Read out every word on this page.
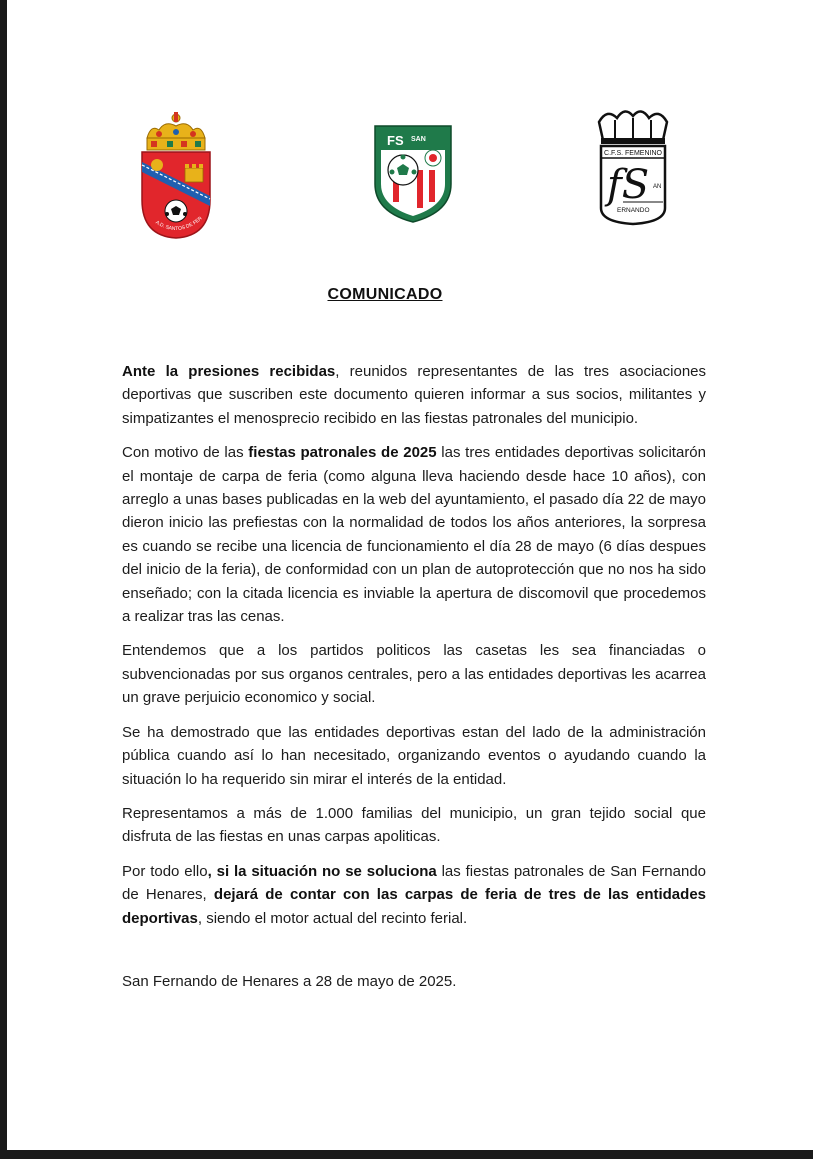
A.D. SANTOS DE FER
FS SAN
C.F.S. FEMENINO
fS AN
ERNANDO
COMUNICADO

Ante la presiones recibidas, reunidos representantes de las tres asociaciones deportivas que suscriben este documento quieren informar a sus socios, militantes y simpatizantes el menosprecio recibido en las fiestas patronales del municipio.

Con motivo de las fiestas patronales de 2025 las tres entidades deportivas solicitarón el montaje de carpa de feria (como alguna lleva haciendo desde hace 10 años), con arreglo a unas bases publicadas en la web del ayuntamiento, el pasado día 22 de mayo dieron inicio las prefiestas con la normalidad de todos los años anteriores, la sorpresa es cuando se recibe una licencia de funcionamiento el día 28 de mayo (6 días despues del inicio de la feria), de conformidad con un plan de autoprotección que no nos ha sido enseñado; con la citada licencia es inviable la apertura de discomovil que procedemos a realizar tras las cenas.

Entendemos que a los partidos politicos las casetas les sea financiadas o subvencionadas por sus organos centrales, pero a las entidades deportivas les acarrea un grave perjuicio economico y social.

Se ha demostrado que las entidades deportivas estan del lado de la administración pública cuando así lo han necesitado, organizando eventos o ayudando cuando la situación lo ha requerido sin mirar el interés de la entidad.

Representamos a más de 1.000 familias del municipio, un gran tejido social que disfruta de las fiestas en unas carpas apoliticas.

Por todo ello, si la situación no se soluciona las fiestas patronales de San Fernando de Henares, dejará de contar con las carpas de feria de tres de las entidades deportivas, siendo el motor actual del recinto ferial.

San Fernando de Henares a 28 de mayo de 2025.
